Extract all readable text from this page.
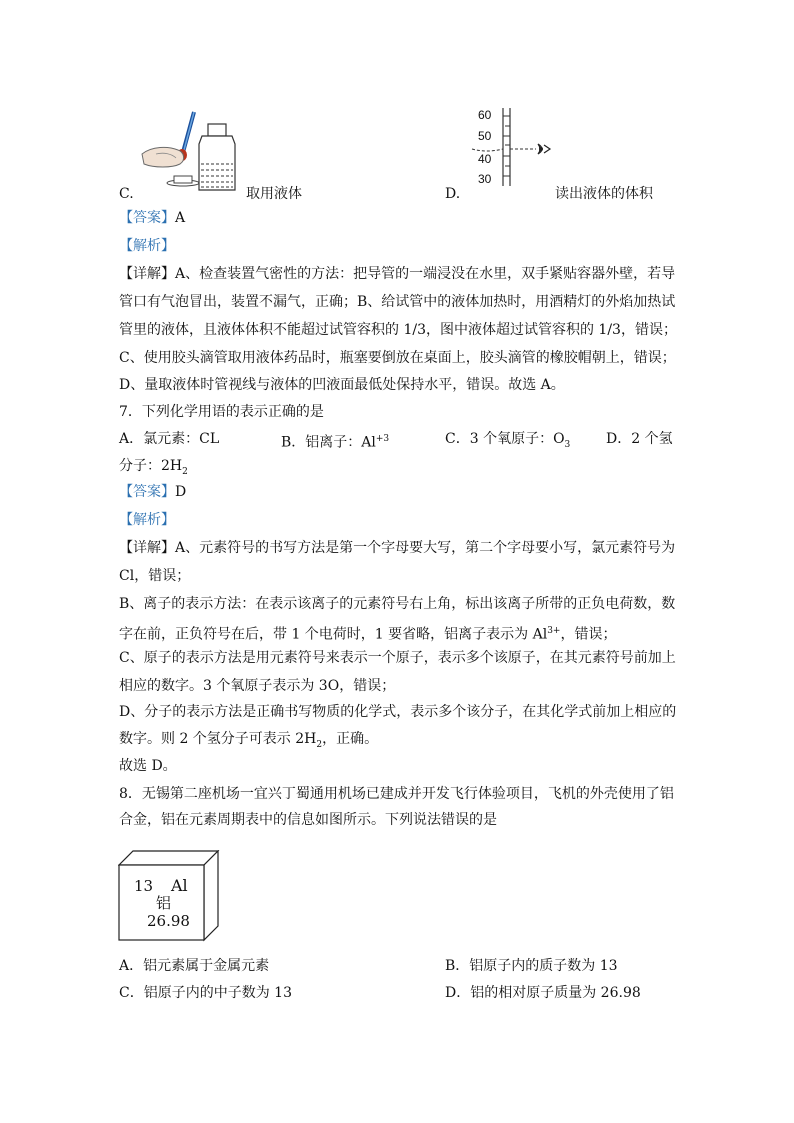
C.	取用液体
60
50
40
30
D.	读出液体的体积
【答案】A
【解析】
【详解】A、检查装置气密性的方法：把导管的一端浸没在水里，双手紧贴容器外壁，若导
管口有气泡冒出，装置不漏气，正确；B、给试管中的液体加热时，用酒精灯的外焰加热试
管里的液体，且液体体积不能超过试管容积的 1/3，图中液体超过试管容积的 1/3，错误；
C、使用胶头滴管取用液体药品时，瓶塞要倒放在桌面上，胶头滴管的橡胶帽朝上，错误；
D、量取液体时管视线与液体的凹液面最低处保持水平，错误。故选 A。
7．下列化学用语的表示正确的是
A．氯元素：CL	B．铝离子：$Al^{+3}$	C．3 个氧原子：$O_3$	D．2 个氢
分子：$2H_2$
【答案】D
【解析】
【详解】A、元素符号的书写方法是第一个字母要大写，第二个字母要小写，氯元素符号为
Cl，错误；
B、离子的表示方法：在表示该离子的元素符号右上角，标出该离子所带的正负电荷数，数
字在前，正负符号在后，带 1 个电荷时，1 要省略，铝离子表示为 $Al^{3+}$，错误；
C、原子的表示方法是用元素符号来表示一个原子，表示多个该原子，在其元素符号前加上
相应的数字。3 个氧原子表示为 3O，错误；
D、分子的表示方法是正确书写物质的化学式，表示多个该分子，在其化学式前加上相应的
数字。则 2 个氢分子可表示 $2H_2$，正确。
故选 D。
8．无锡第二座机场一宜兴丁蜀通用机场已建成并开发飞行体验项目，飞机的外壳使用了铝
合金，铝在元素周期表中的信息如图所示。下列说法错误的是
13 Al
铝
26.98
A．铝元素属于金属元素	B．铝原子内的质子数为 13
C．铝原子内的中子数为 13	D．铝的相对原子质量为 26.98
